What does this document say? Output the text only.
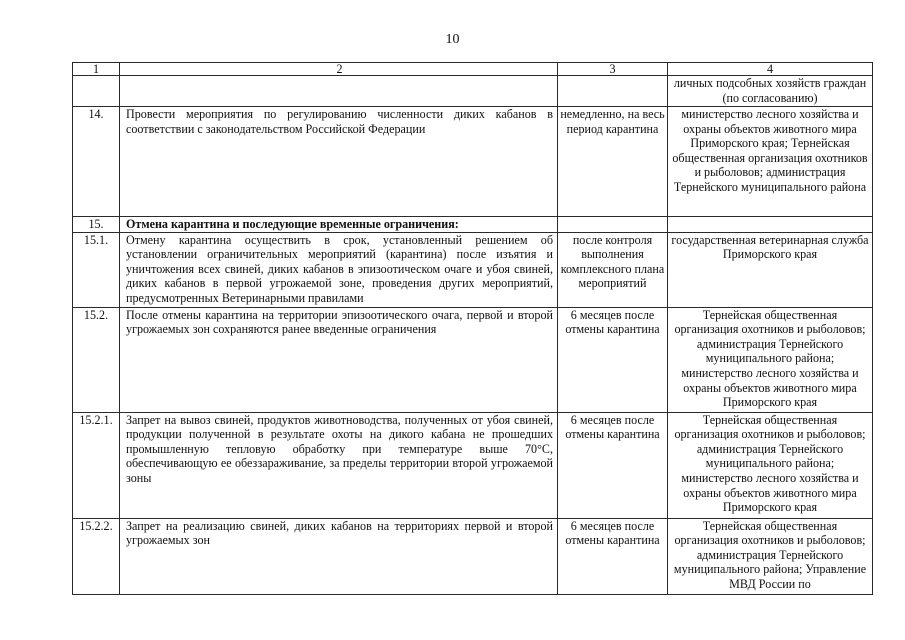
10
1	2	3	4
			личных подсобных хозяйств граждан (по согласованию)
14.	Провести мероприятия по регулированию численности диких кабанов в соответствии с законодательством Российской Федерации	немедленно, на весь период карантина	министерство лесного хозяйства и охраны объектов животного мира Приморского края; Тернейская общественная организация охотников и рыболовов; администрация Тернейского муниципального района
15.	Отмена карантина и последующие временные ограничения:		
15.1.	Отмену карантина осуществить в срок, установленный решением об установлении ограничительных мероприятий (карантина) после изъятия и уничтожения всех свиней, диких кабанов в эпизоотическом очаге и убоя свиней, диких кабанов в первой угрожаемой зоне, проведения других мероприятий, предусмотренных Ветеринарными правилами	после контроля выполнения комплексного плана мероприятий	государственная ветеринарная служба Приморского края
15.2.	После отмены карантина на территории эпизоотического очага, первой и второй угрожаемых зон сохраняются ранее введенные ограничения	6 месяцев после отмены карантина	Тернейская общественная организация охотников и рыболовов; администрация Тернейского муниципального района; министерство лесного хозяйства и охраны объектов животного мира Приморского края
15.2.1.	Запрет на вывоз свиней, продуктов животноводства, полученных от убоя свиней, продукции полученной в результате охоты на дикого кабана не прошедших промышленную тепловую обработку при температуре выше 70°C, обеспечивающую ее обеззараживание, за пределы территории второй угрожаемой зоны	6 месяцев после отмены карантина	Тернейская общественная организация охотников и рыболовов; администрация Тернейского муниципального района; министерство лесного хозяйства и охраны объектов животного мира Приморского края
15.2.2.	Запрет на реализацию свиней, диких кабанов на территориях первой и второй угрожаемых зон	6 месяцев после отмены карантина	Тернейская общественная организация охотников и рыболовов; администрация Тернейского муниципального района; Управление МВД России по
